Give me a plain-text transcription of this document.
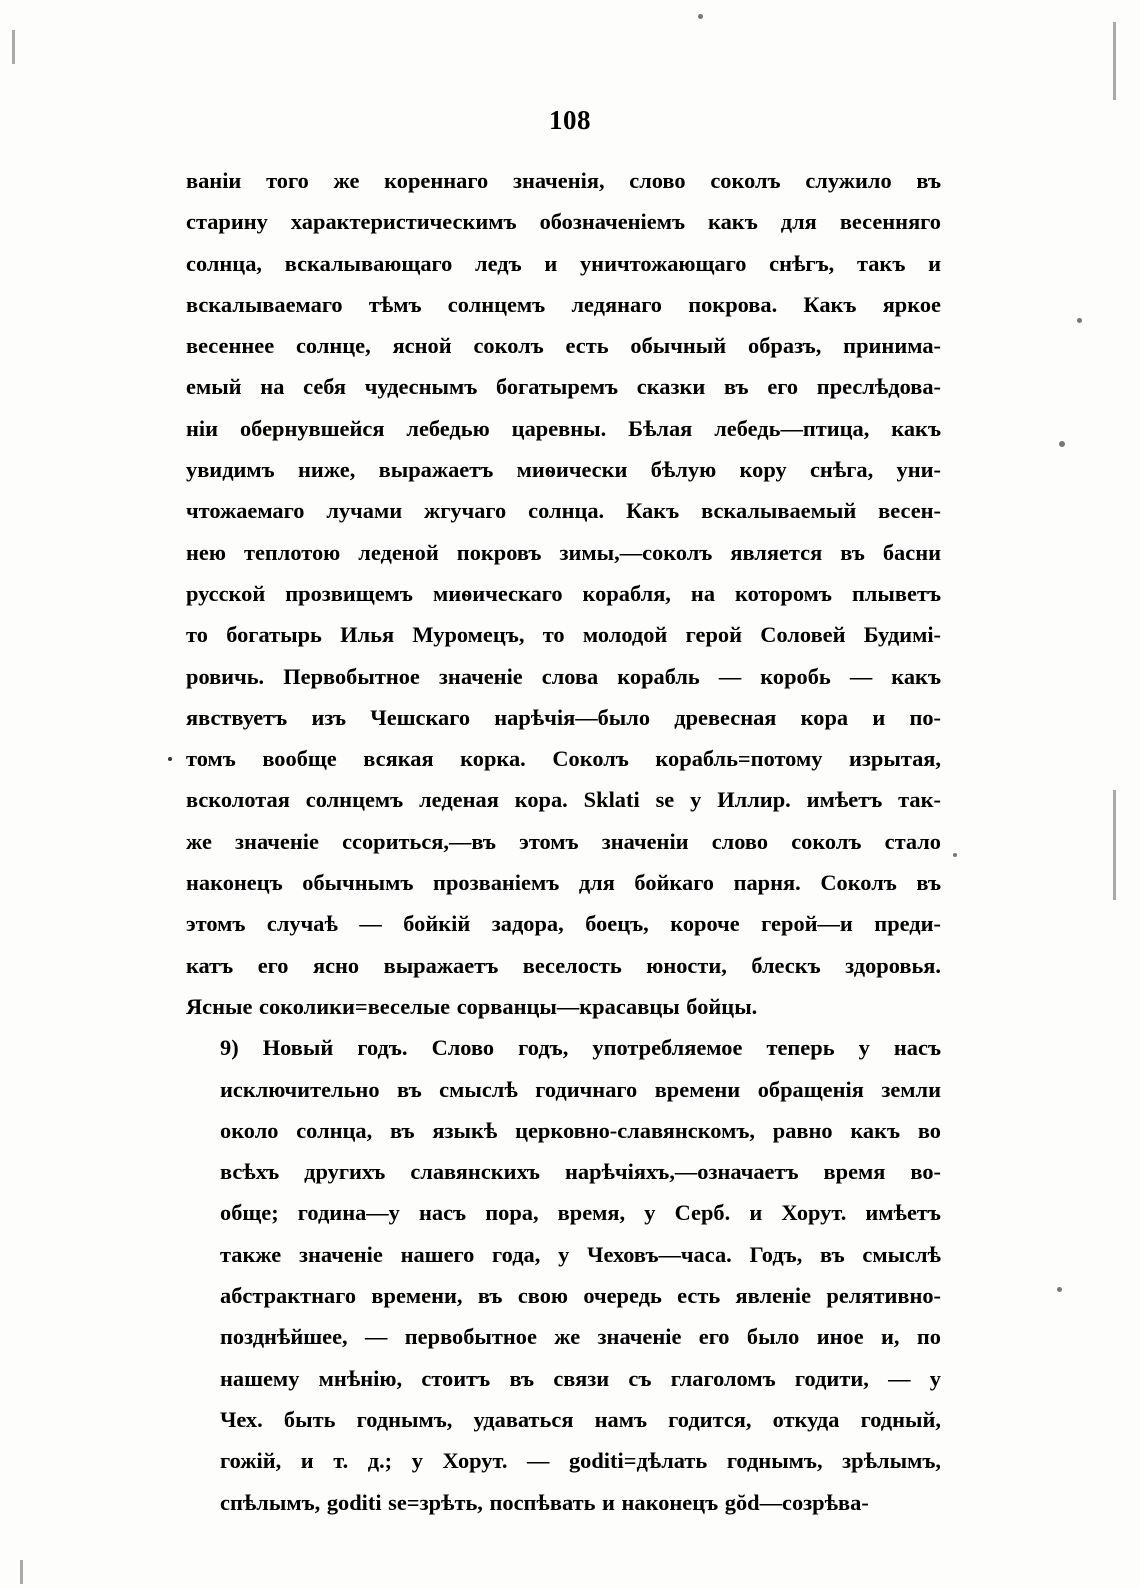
108

ваніи того же кореннаго значенія, слово соколъ служило въ
старину характеристическимъ обозначеніемъ какъ для весенняго
солнца, вскалывающаго ледъ и уничтожающаго снѣгъ, такъ и
вскалываемаго тѣмъ солнцемъ ледянаго покрова. Какъ яркое
весеннее солнце, ясной соколъ есть обычный образъ, принима-
емый на себя чудеснымъ богатыремъ сказки въ его преслѣдова-
ніи обернувшейся лебедью царевны. Бѣлая лебедь—птица, какъ
увидимъ ниже, выражаетъ миѳически бѣлую кору снѣга, уни-
чтожаемаго лучами жгучаго солнца. Какъ вскалываемый весен-
нею теплотою леденой покровъ зимы,—соколъ является въ басни
русской прозвищемъ миѳическаго корабля, на которомъ плыветъ
то богатырь Илья Муромецъ, то молодой герой Соловей Будимі-
ровичь. Первобытное значеніе слова корабль — коробь — какъ
явствуетъ изъ Чешскаго нарѣчія—было древесная кора и по-
томъ вообще всякая корка. Соколъ корабль=потому изрытая,
всколотая солнцемъ леденая кора. Sklati se y Иллир. имѣетъ так-
же значеніе ссориться,—въ этомъ значеніи слово соколъ стало
наконецъ обычнымъ прозваніемъ для бойкаго парня. Соколъ въ
этомъ случаѣ — бойкій задора, боецъ, короче герой—и преди-
катъ его ясно выражаетъ веселость юности, блескъ здоровья.
Ясные соколики=веселые сорванцы—красавцы бойцы.

9) Новый годъ. Слово годъ, употребляемое теперь у насъ
исключительно въ смыслѣ годичнаго времени обращенія земли
около солнца, въ языкѣ церковно-славянскомъ, равно какъ во
всѣхъ другихъ славянскихъ нарѣчіяхъ,—означаетъ время во-
обще; година—у насъ пора, время, у Серб. и Хорут. имѣетъ
также значеніе нашего года, у Чеховъ—часа. Годъ, въ смыслѣ
абстрактнаго времени, въ свою очередь есть явленіе релятивно-
позднѣйшее, — первобытное же значеніе его было иное и, по
нашему мнѣнію, стоитъ въ связи съ глаголомъ годити, — у
Чех. быть годнымъ, удаваться намъ годится, откуда годный,
гожій, и т. д.; у Хорут. — goditi=дѣлать годнымъ, зрѣлымъ,
спѣлымъ, goditi se=зрѣть, поспѣвать и наконецъ gŏd—созрѣва-
